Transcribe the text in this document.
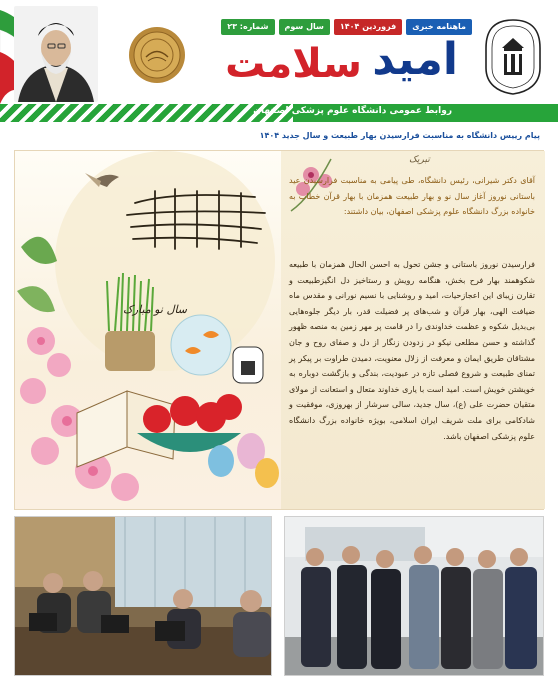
ماهنامه خبری
فروردین ۱۴۰۴
سال سوم
شماره: ۲۳
امید
سلامت
روابط عمومی دانشگاه علوم پزشکی اصفهان
پیام رییس دانشگاه به مناسبت فرارسیدن بهار طبیعت و سال جدید ۱۴۰۴
سال نو مبارک
تبریک

آقای دکتر شیرانی، رئیس دانشگاه، طی پیامی به مناسبت فرارسیدن عید باستانی نوروز آغاز سال نو و بهار طبیعت همزمان با بهار قرآن خطاب به خانواده بزرگ دانشگاه علوم پزشکی اصفهان، بیان داشتند:

فرارسیدن نوروز باستانی و جشن تحول به احسن الحال همزمان با طبیعه شکوهمند بهار فرح بخش، هنگامه رویش و رستاخیز دل انگیزطبیعت و تقارن زیبای این اعجازحیات، امید و روشنایی با نسیم نورانی و مقدس ماه ضیافت الهی، بهار قرآن و شب‌های پر فضیلت قدر، بار دیگر جلوه‌هایی بی‌بدیل شکوه و عظمت خداوندی را در قامت پر مهر زمین به منصه ظهور گذاشته و حسن مطلعی نیکو در زدودن زنگار از دل و صفای روح و جان مشتاقان طریق ایمان و معرفت از زلال معنویت، دمیدن طراوت بر پیکر پر تمنای طبیعت و شروع فصلی تازه در عبودیت، بندگی و بازگشت دوباره به خویشتن خویش است. امید است با یاری خداوند متعال و استعانت از مولای متقیان حضرت علی (ع)، سال جدید، سالی سرشار از بهروزی، موفقیت و شادکامی برای ملت شریف ایران اسلامی، بویژه خانواده بزرگ دانشگاه علوم پزشکی اصفهان باشد.
